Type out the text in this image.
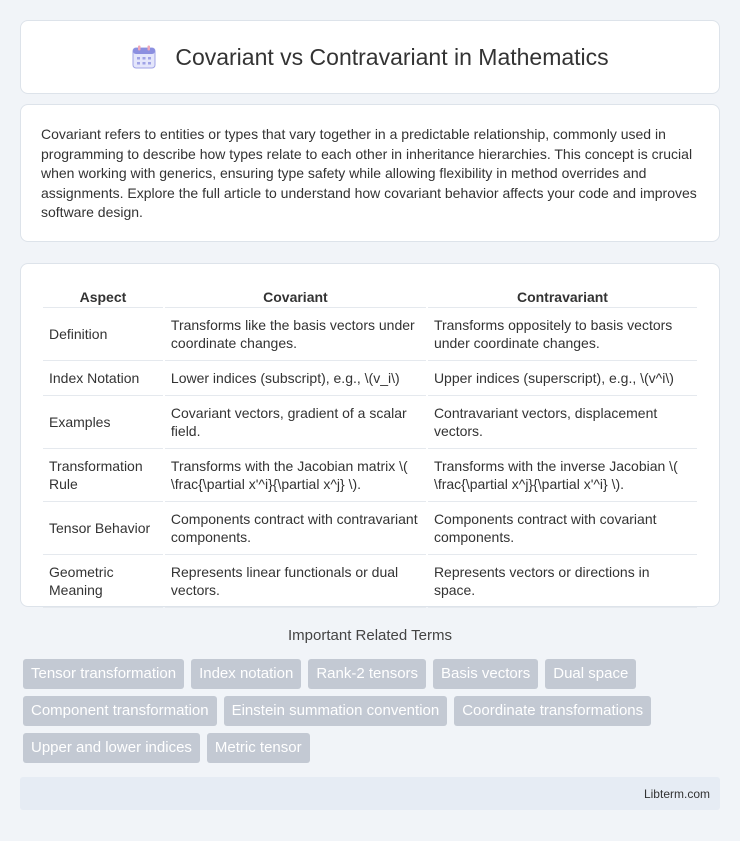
Covariant vs Contravariant in Mathematics

Covariant refers to entities or types that vary together in a predictable relationship, commonly used in programming to describe how types relate to each other in inheritance hierarchies. This concept is crucial when working with generics, ensuring type safety while allowing flexibility in method overrides and assignments. Explore the full article to understand how covariant behavior affects your code and improves software design.

Aspect	Covariant	Contravariant
Definition	Transforms like the basis vectors under coordinate changes.	Transforms oppositely to basis vectors under coordinate changes.
Index Notation	Lower indices (subscript), e.g., \(v_i\)	Upper indices (superscript), e.g., \(v^i\)
Examples	Covariant vectors, gradient of a scalar field.	Contravariant vectors, displacement vectors.
Transformation Rule	Transforms with the Jacobian matrix \( \frac{\partial x'^i}{\partial x^j} \).	Transforms with the inverse Jacobian \( \frac{\partial x^j}{\partial x'^i} \).
Tensor Behavior	Components contract with contravariant components.	Components contract with covariant components.
Geometric Meaning	Represents linear functionals or dual vectors.	Represents vectors or directions in space.
Important Related Terms
Tensor transformation	Index notation	Rank-2 tensors	Basis vectors	Dual space
Component transformation	Einstein summation convention	Coordinate transformations
Upper and lower indices	Metric tensor
Libterm.com
